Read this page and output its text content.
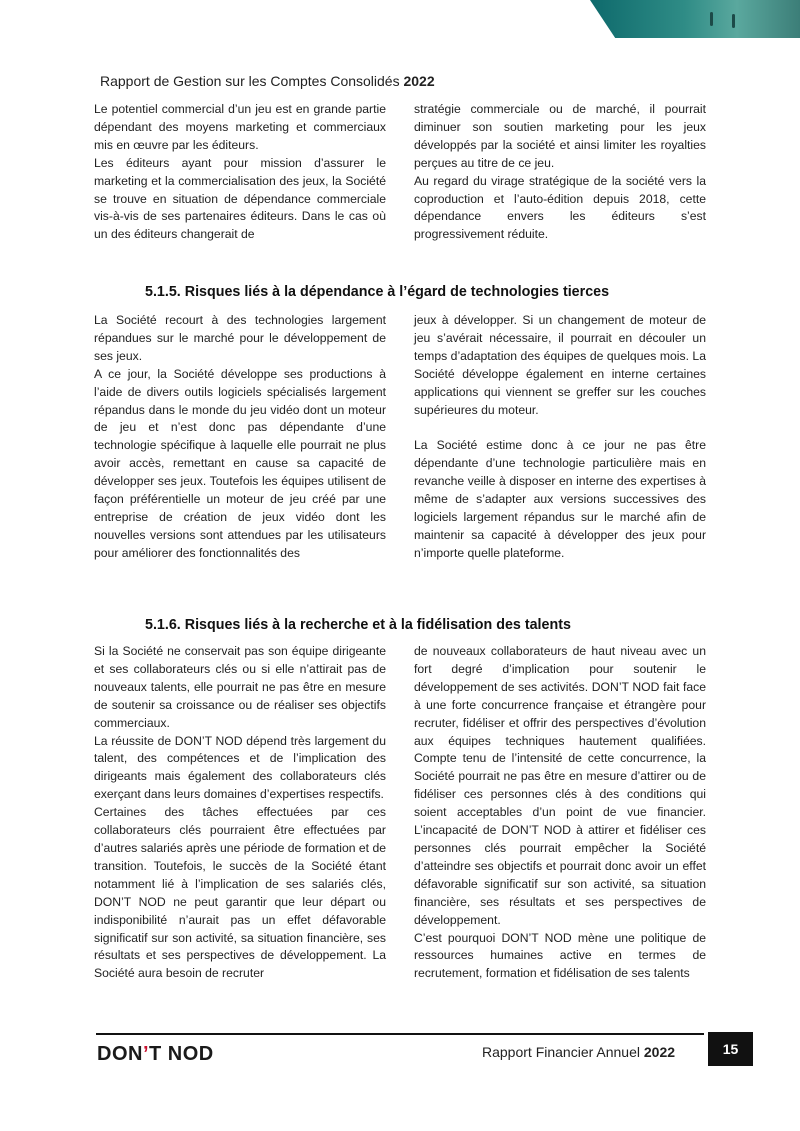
Rapport de Gestion sur les Comptes Consolidés 2022

Le potentiel commercial d’un jeu est en grande partie dépendant des moyens marketing et commerciaux mis en œuvre par les éditeurs.

Les éditeurs ayant pour mission d’assurer le marketing et la commercialisation des jeux, la Société se trouve en situation de dépendance commerciale vis-à-vis de ses partenaires éditeurs. Dans le cas où un des éditeurs changerait de

stratégie commerciale ou de marché, il pourrait diminuer son soutien marketing pour les jeux développés par la société et ainsi limiter les royalties perçues au titre de ce jeu.

Au regard du virage stratégique de la société vers la coproduction et l’auto-édition depuis 2018, cette dépendance envers les éditeurs s’est progressivement réduite.

5.1.5. Risques liés à la dépendance à l’égard de technologies tierces

La Société recourt à des technologies largement répandues sur le marché pour le développement de ses jeux.

A ce jour, la Société développe ses productions à l’aide de divers outils logiciels spécialisés largement répandus dans le monde du jeu vidéo dont un moteur de jeu et n’est donc pas dépendante d’une technologie spécifique à laquelle elle pourrait ne plus avoir accès, remettant en cause sa capacité de développer ses jeux. Toutefois les équipes utilisent de façon préférentielle un moteur de jeu créé par une entreprise de création de jeux vidéo dont les nouvelles versions sont attendues par les utilisateurs pour améliorer des fonctionnalités des

jeux à développer. Si un changement de moteur de jeu s’avérait nécessaire, il pourrait en découler un temps d’adaptation des équipes de quelques mois. La Société développe également en interne certaines applications qui viennent se greffer sur les couches supérieures du moteur.

La Société estime donc à ce jour ne pas être dépendante d’une technologie particulière mais en revanche veille à disposer en interne des expertises à même de s’adapter aux versions successives des logiciels largement répandus sur le marché afin de maintenir sa capacité à développer des jeux pour n’importe quelle plateforme.

5.1.6. Risques liés à la recherche et à la fidélisation des talents

Si la Société ne conservait pas son équipe dirigeante et ses collaborateurs clés ou si elle n’attirait pas de nouveaux talents, elle pourrait ne pas être en mesure de soutenir sa croissance ou de réaliser ses objectifs commerciaux.

La réussite de DON’T NOD dépend très largement du talent, des compétences et de l’implication des dirigeants mais également des collaborateurs clés exerçant dans leurs domaines d’expertises respectifs.

Certaines des tâches effectuées par ces collaborateurs clés pourraient être effectuées par d’autres salariés après une période de formation et de transition. Toutefois, le succès de la Société étant notamment lié à l’implication de ses salariés clés, DON’T NOD ne peut garantir que leur départ ou indisponibilité n’aurait pas un effet défavorable significatif sur son activité, sa situation financière, ses résultats et ses perspectives de développement. La Société aura besoin de recruter

de nouveaux collaborateurs de haut niveau avec un fort degré d’implication pour soutenir le développement de ses activités. DON’T NOD fait face à une forte concurrence française et étrangère pour recruter, fidéliser et offrir des perspectives d’évolution aux équipes techniques hautement qualifiées. Compte tenu de l’intensité de cette concurrence, la Société pourrait ne pas être en mesure d’attirer ou de fidéliser ces personnes clés à des conditions qui soient acceptables d’un point de vue financier. L’incapacité de DON’T NOD à attirer et fidéliser ces personnes clés pourrait empêcher la Société d’atteindre ses objectifs et pourrait donc avoir un effet défavorable significatif sur son activité, sa situation financière, ses résultats et ses perspectives de développement.

C’est pourquoi DON’T NOD mène une politique de ressources humaines active en termes de recrutement, formation et fidélisation de ses talents

DON’T NOD	Rapport Financier Annuel 2022	15
